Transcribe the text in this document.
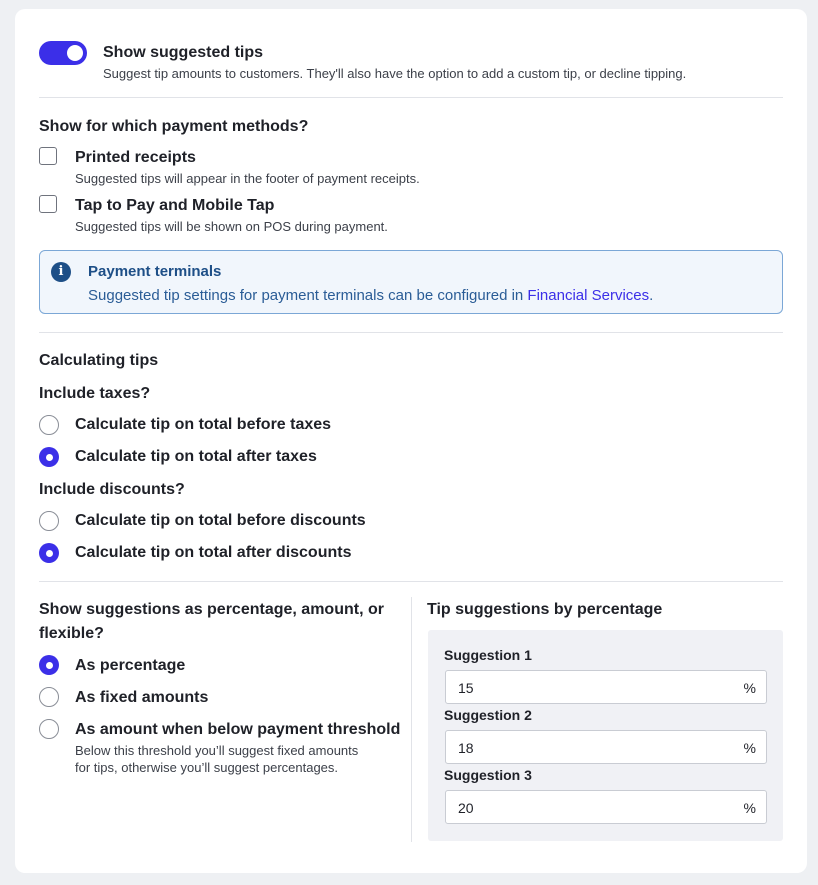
Show suggested tips
Suggest tip amounts to customers. They'll also have the option to add a custom tip, or decline tipping.
Show for which payment methods?
Printed receipts
Suggested tips will appear in the footer of payment receipts.
Tap to Pay and Mobile Tap
Suggested tips will be shown on POS during payment.
i	Payment terminals
Suggested tip settings for payment terminals can be configured in Financial Services.
Calculating tips
Include taxes?
Calculate tip on total before taxes
Calculate tip on total after taxes
Include discounts?
Calculate tip on total before discounts
Calculate tip on total after discounts
Show suggestions as percentage, amount, or
flexible?
As percentage
As fixed amounts
As amount when below payment threshold
Below this threshold you’ll suggest fixed amounts
for tips, otherwise you’ll suggest percentages.
Tip suggestions by percentage
Suggestion 1
15	%
Suggestion 2
18	%
Suggestion 3
20	%
